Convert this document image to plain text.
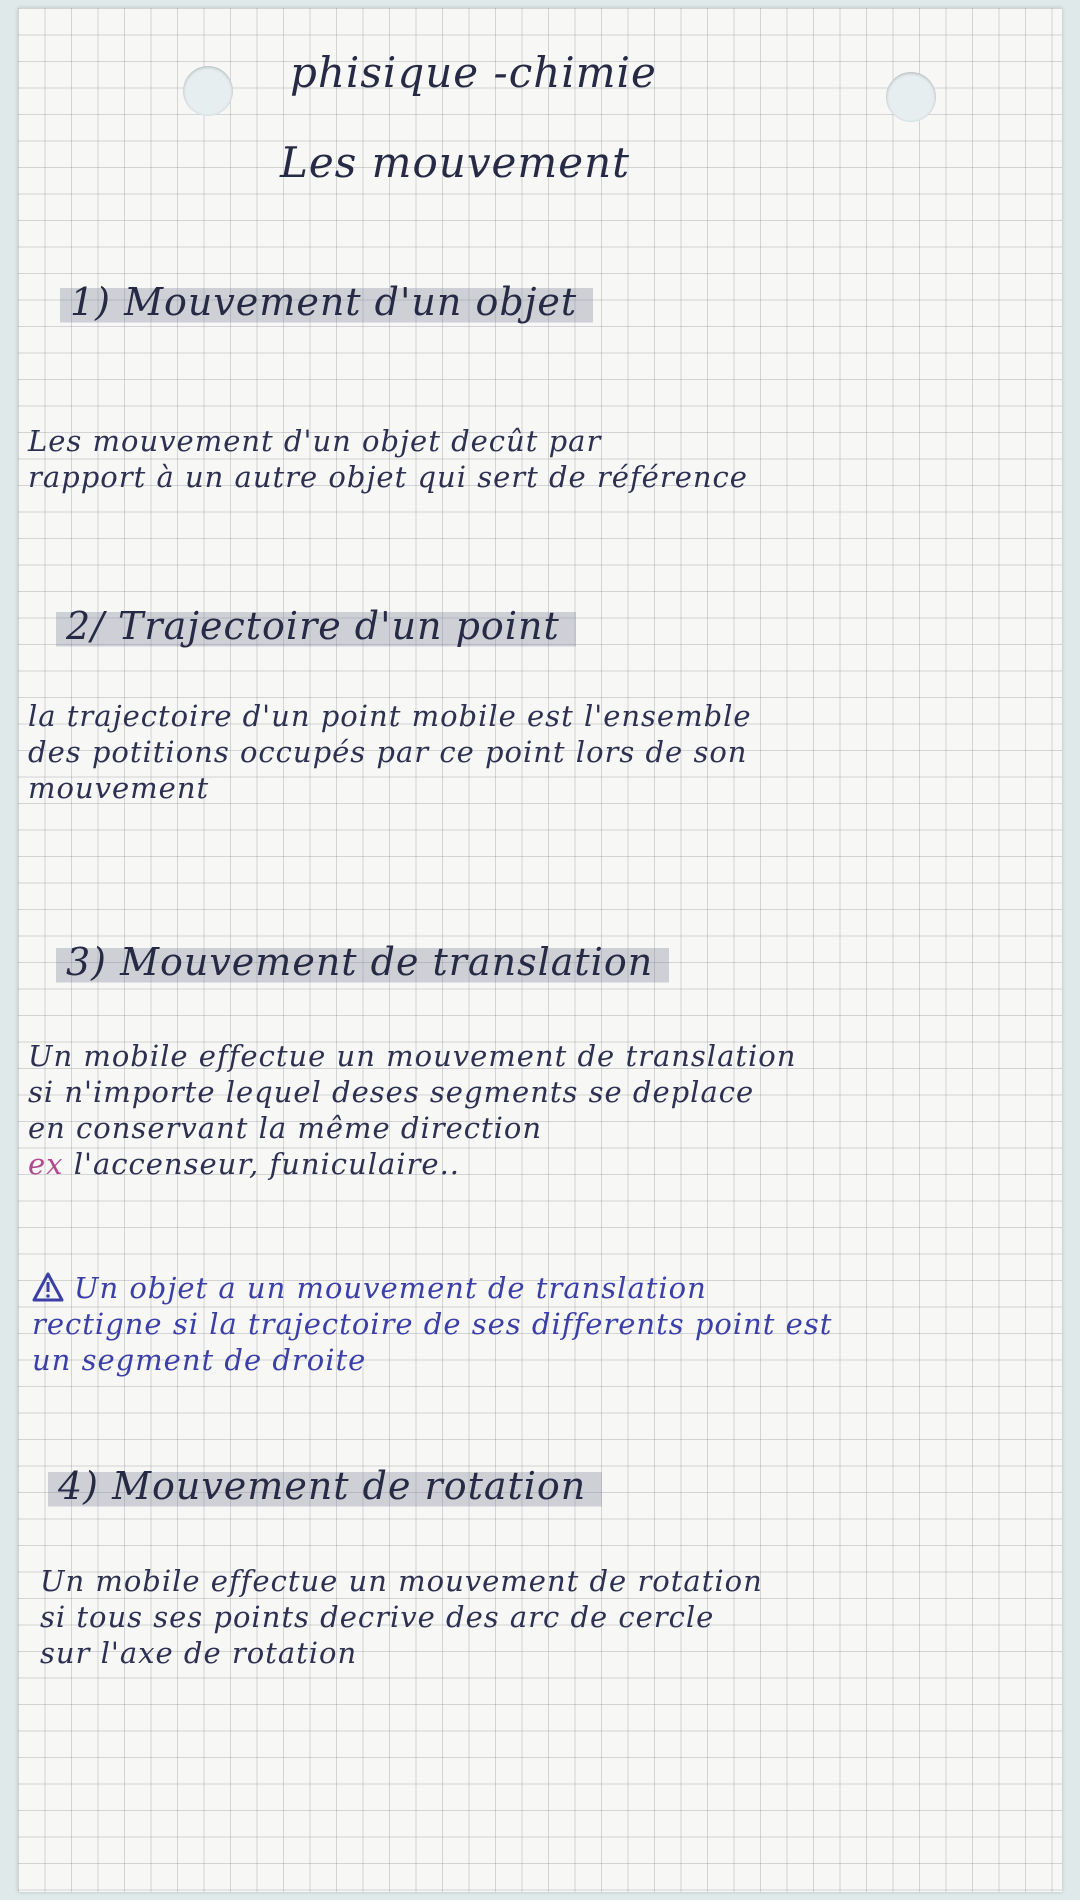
phisique -chimie

Les mouvement

1) Mouvement d'un objet

Les mouvement d'un objet decût par
rapport à un autre objet qui sert de référence

2/ Trajectoire d'un point

la trajectoire d'un point mobile est l'ensemble
des potitions occupés par ce point lors de son
mouvement

3) Mouvement de translation

Un mobile effectue un mouvement de translation
si n'importe lequel deses segments se deplace
en conservant la même direction
ex l'accenseur, funiculaire..
Un objet a un mouvement de translation
rectigne si la trajectoire de ses differents point est
un segment de droite

4) Mouvement de rotation

Un mobile effectue un mouvement de rotation
si tous ses points decrive des arc de cercle
sur l'axe de rotation
